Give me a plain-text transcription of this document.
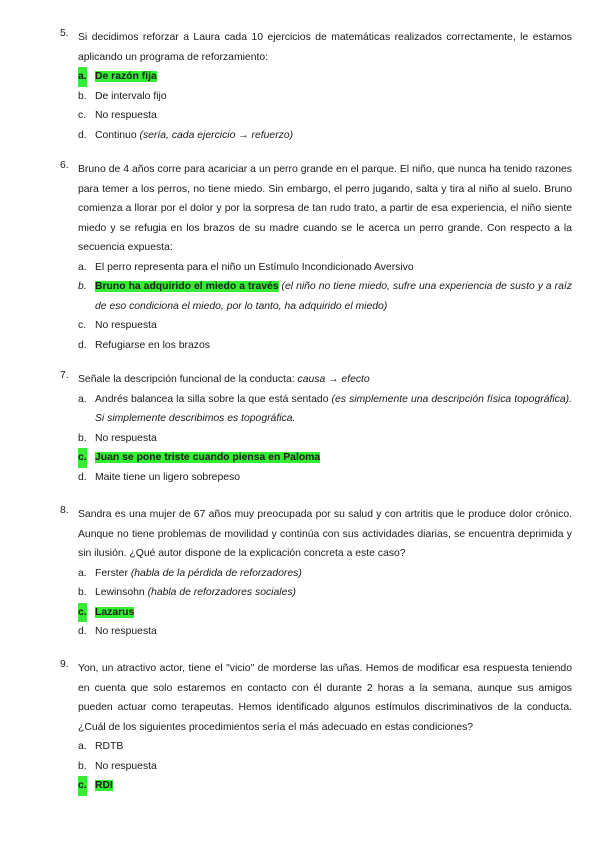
5. Si decidimos reforzar a Laura cada 10 ejercicios de matemáticas realizados correctamente, le estamos aplicando un programa de reforzamiento:
a. De razón fija
b. De intervalo fijo
c. No respuesta
d. Continuo (sería, cada ejercicio → refuerzo)
6. Bruno de 4 años corre para acariciar a un perro grande en el parque. El niño, que nunca ha tenido razones para temer a los perros, no tiene miedo. Sin embargo, el perro jugando, salta y tira al niño al suelo. Bruno comienza a llorar por el dolor y por la sorpresa de tan rudo trato, a partir de esa experiencia, el niño siente miedo y se refugia en los brazos de su madre cuando se le acerca un perro grande. Con respecto a la secuencia expuesta:
a. El perro representa para el niño un Estímulo Incondicionado Aversivo
b. Bruno ha adquirido el miedo a través (el niño no tiene miedo, sufre una experiencia de susto y a raíz de eso condiciona el miedo, por lo tanto, ha adquirido el miedo)
c. No respuesta
d. Refugiarse en los brazos
7. Señale la descripción funcional de la conducta: causa → efecto
a. Andrés balancea la silla sobre la que está sentado (es simplemente una descripción física topográfica). Si simplemente describimos es topográfica.
b. No respuesta
c. Juan se pone triste cuando piensa en Paloma
d. Maite tiene un ligero sobrepeso
8. Sandra es una mujer de 67 años muy preocupada por su salud y con artritis que le produce dolor crónico. Aunque no tiene problemas de movilidad y continúa con sus actividades diarias, se encuentra deprimida y sin ilusión. ¿Qué autor dispone de la explicación concreta a este caso?
a. Ferster (habla de la pérdida de reforzadores)
b. Lewinsohn (habla de reforzadores sociales)
c. Lazarus
d. No respuesta
9. Yon, un atractivo actor, tiene el "vicio" de morderse las uñas. Hemos de modificar esa respuesta teniendo en cuenta que solo estaremos en contacto con él durante 2 horas a la semana, aunque sus amigos pueden actuar como terapeutas. Hemos identificado algunos estímulos discriminativos de la conducta. ¿Cuál de los siguientes procedimientos sería el más adecuado en estas condiciones?
a. RDTB
b. No respuesta
c. RDI
